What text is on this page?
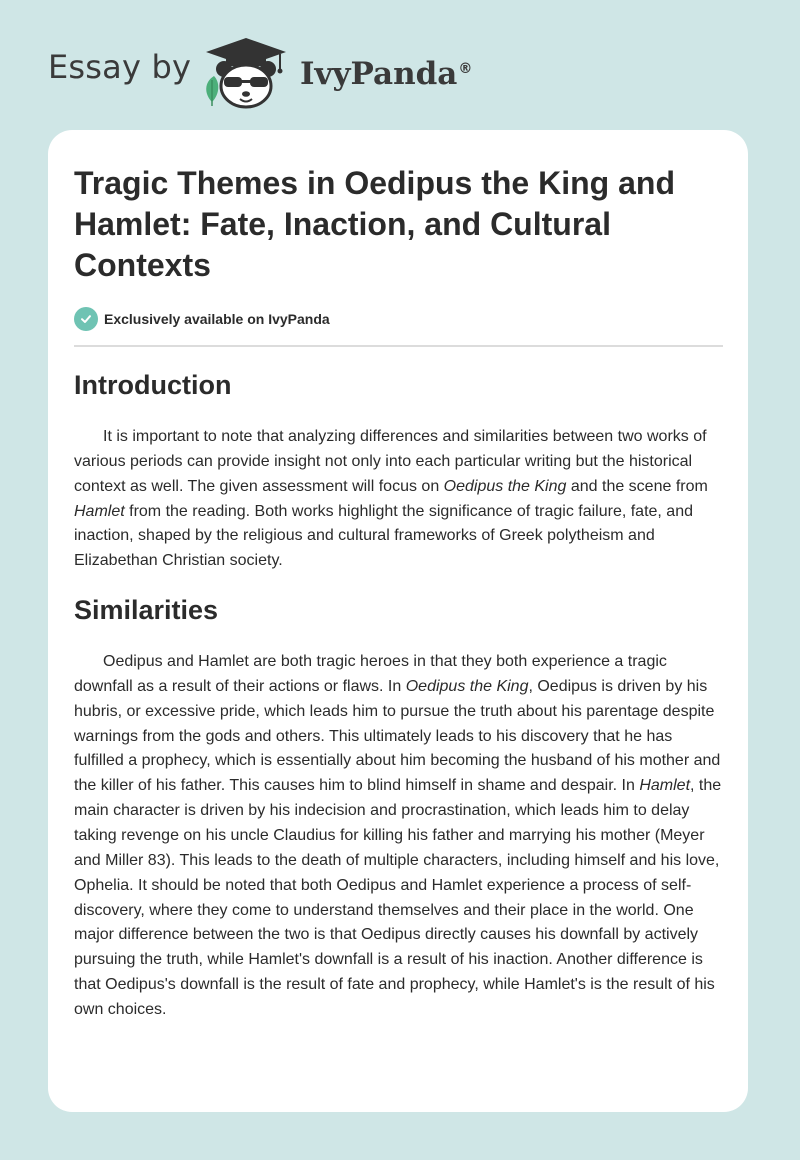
Essay by	IvyPanda®
Tragic Themes in Oedipus the King and Hamlet: Fate, Inaction, and Cultural Contexts
Exclusively available on IvyPanda
Introduction

It is important to note that analyzing differences and similarities between two works of various periods can provide insight not only into each particular writing but the historical context as well. The given assessment will focus on Oedipus the King and the scene from Hamlet from the reading. Both works highlight the significance of tragic failure, fate, and inaction, shaped by the religious and cultural frameworks of Greek polytheism and Elizabethan Christian society.

Similarities

Oedipus and Hamlet are both tragic heroes in that they both experience a tragic downfall as a result of their actions or flaws. In Oedipus the King, Oedipus is driven by his hubris, or excessive pride, which leads him to pursue the truth about his parentage despite warnings from the gods and others. This ultimately leads to his discovery that he has fulfilled a prophecy, which is essentially about him becoming the husband of his mother and the killer of his father. This causes him to blind himself in shame and despair. In Hamlet, the main character is driven by his indecision and procrastination, which leads him to delay taking revenge on his uncle Claudius for killing his father and marrying his mother (Meyer and Miller 83). This leads to the death of multiple characters, including himself and his love, Ophelia. It should be noted that both Oedipus and Hamlet experience a process of self-discovery, where they come to understand themselves and their place in the world. One major difference between the two is that Oedipus directly causes his downfall by actively pursuing the truth, while Hamlet's downfall is a result of his inaction. Another difference is that Oedipus's downfall is the result of fate and prophecy, while Hamlet's is the result of his own choices.
